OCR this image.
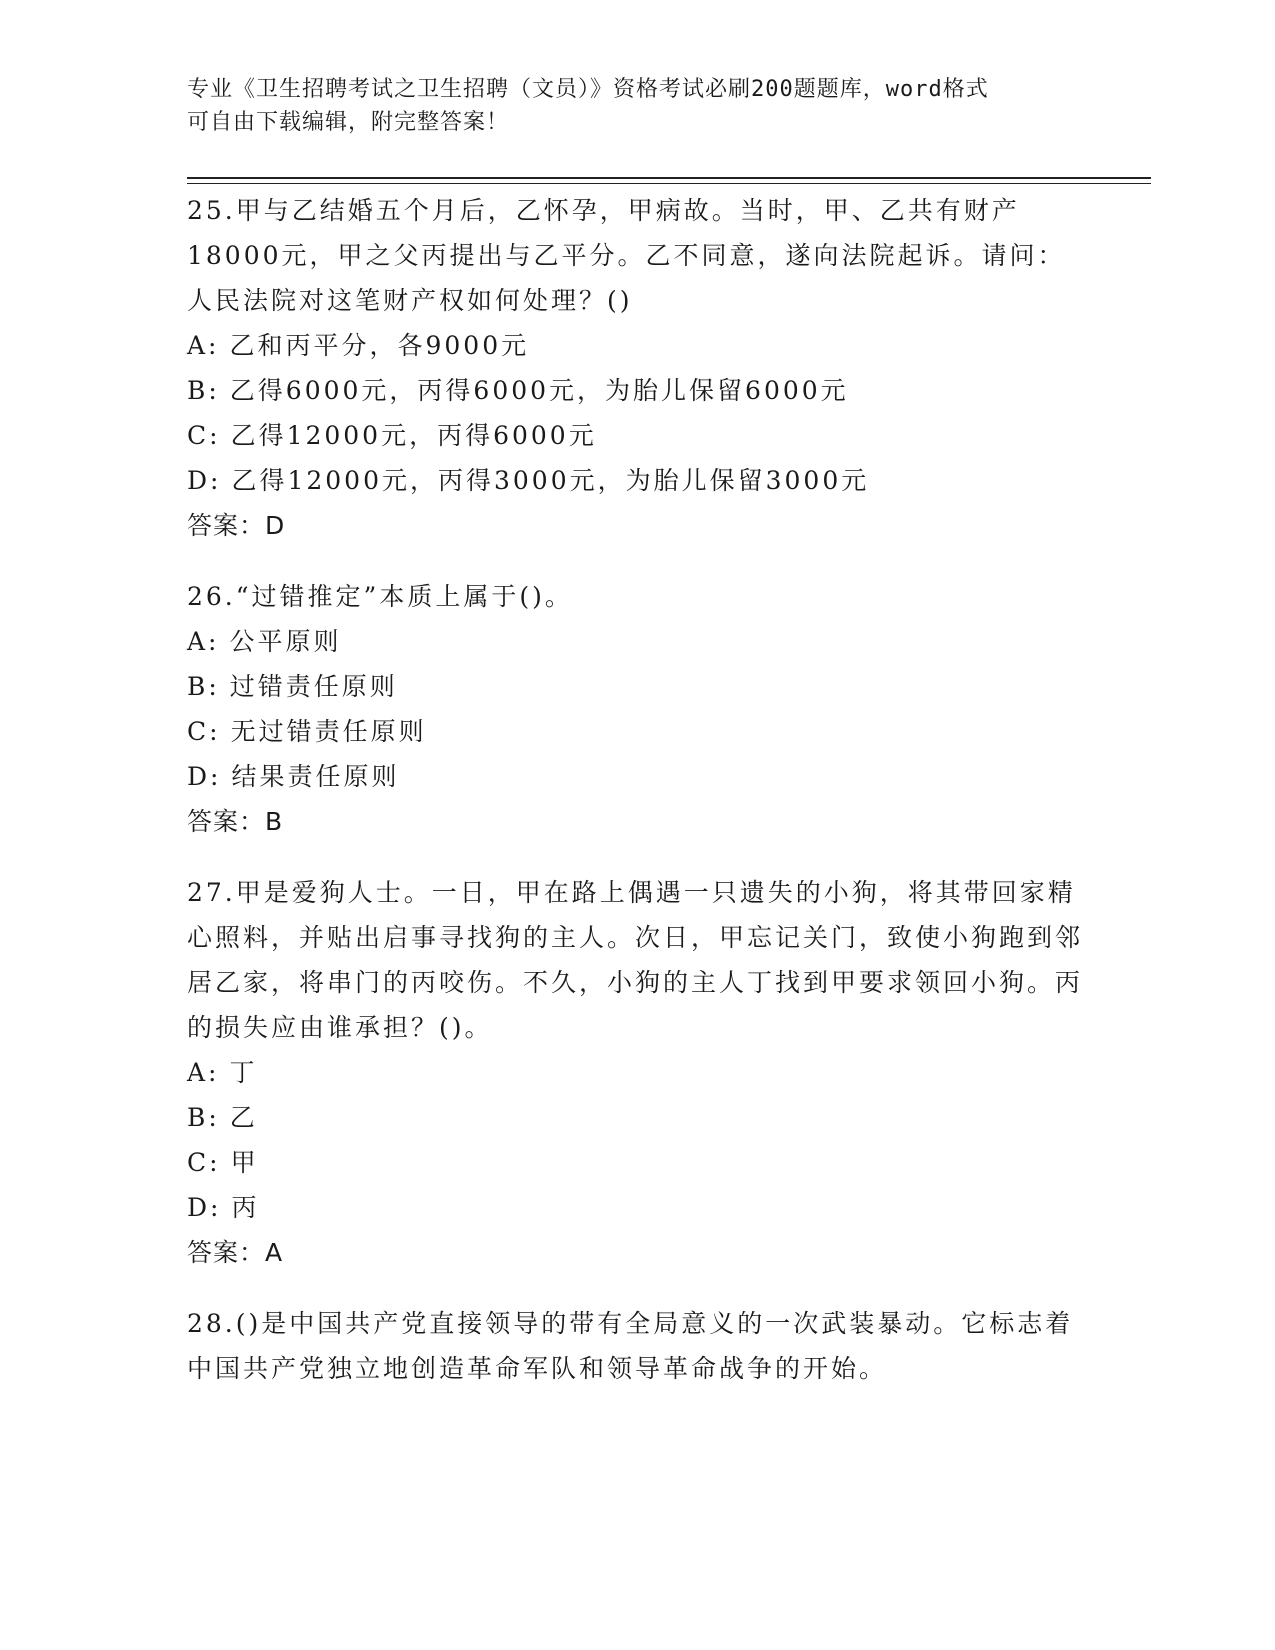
专业《卫生招聘考试之卫生招聘（文员）》资格考试必刷200题题库，word格式
可自由下载编辑，附完整答案！

25.甲与乙结婚五个月后，乙怀孕，甲病故。当时，甲、乙共有财产18000元，甲之父丙提出与乙平分。乙不同意，遂向法院起诉。请问：人民法院对这笔财产权如何处理？()

A: 乙和丙平分，各9000元
B: 乙得6000元，丙得6000元，为胎儿保留6000元
C: 乙得12000元，丙得6000元
D: 乙得12000元，丙得3000元，为胎儿保留3000元

答案：D

26.“过错推定”本质上属于()。

A: 公平原则
B: 过错责任原则
C: 无过错责任原则
D: 结果责任原则

答案：B

27.甲是爱狗人士。一日，甲在路上偶遇一只遗失的小狗，将其带回家精心照料，并贴出启事寻找狗的主人。次日，甲忘记关门，致使小狗跑到邻居乙家，将串门的丙咬伤。不久，小狗的主人丁找到甲要求领回小狗。丙的损失应由谁承担？()。

A: 丁
B: 乙
C: 甲
D: 丙

答案：A

28.()是中国共产党直接领导的带有全局意义的一次武装暴动。它标志着中国共产党独立地创造革命军队和领导革命战争的开始。
